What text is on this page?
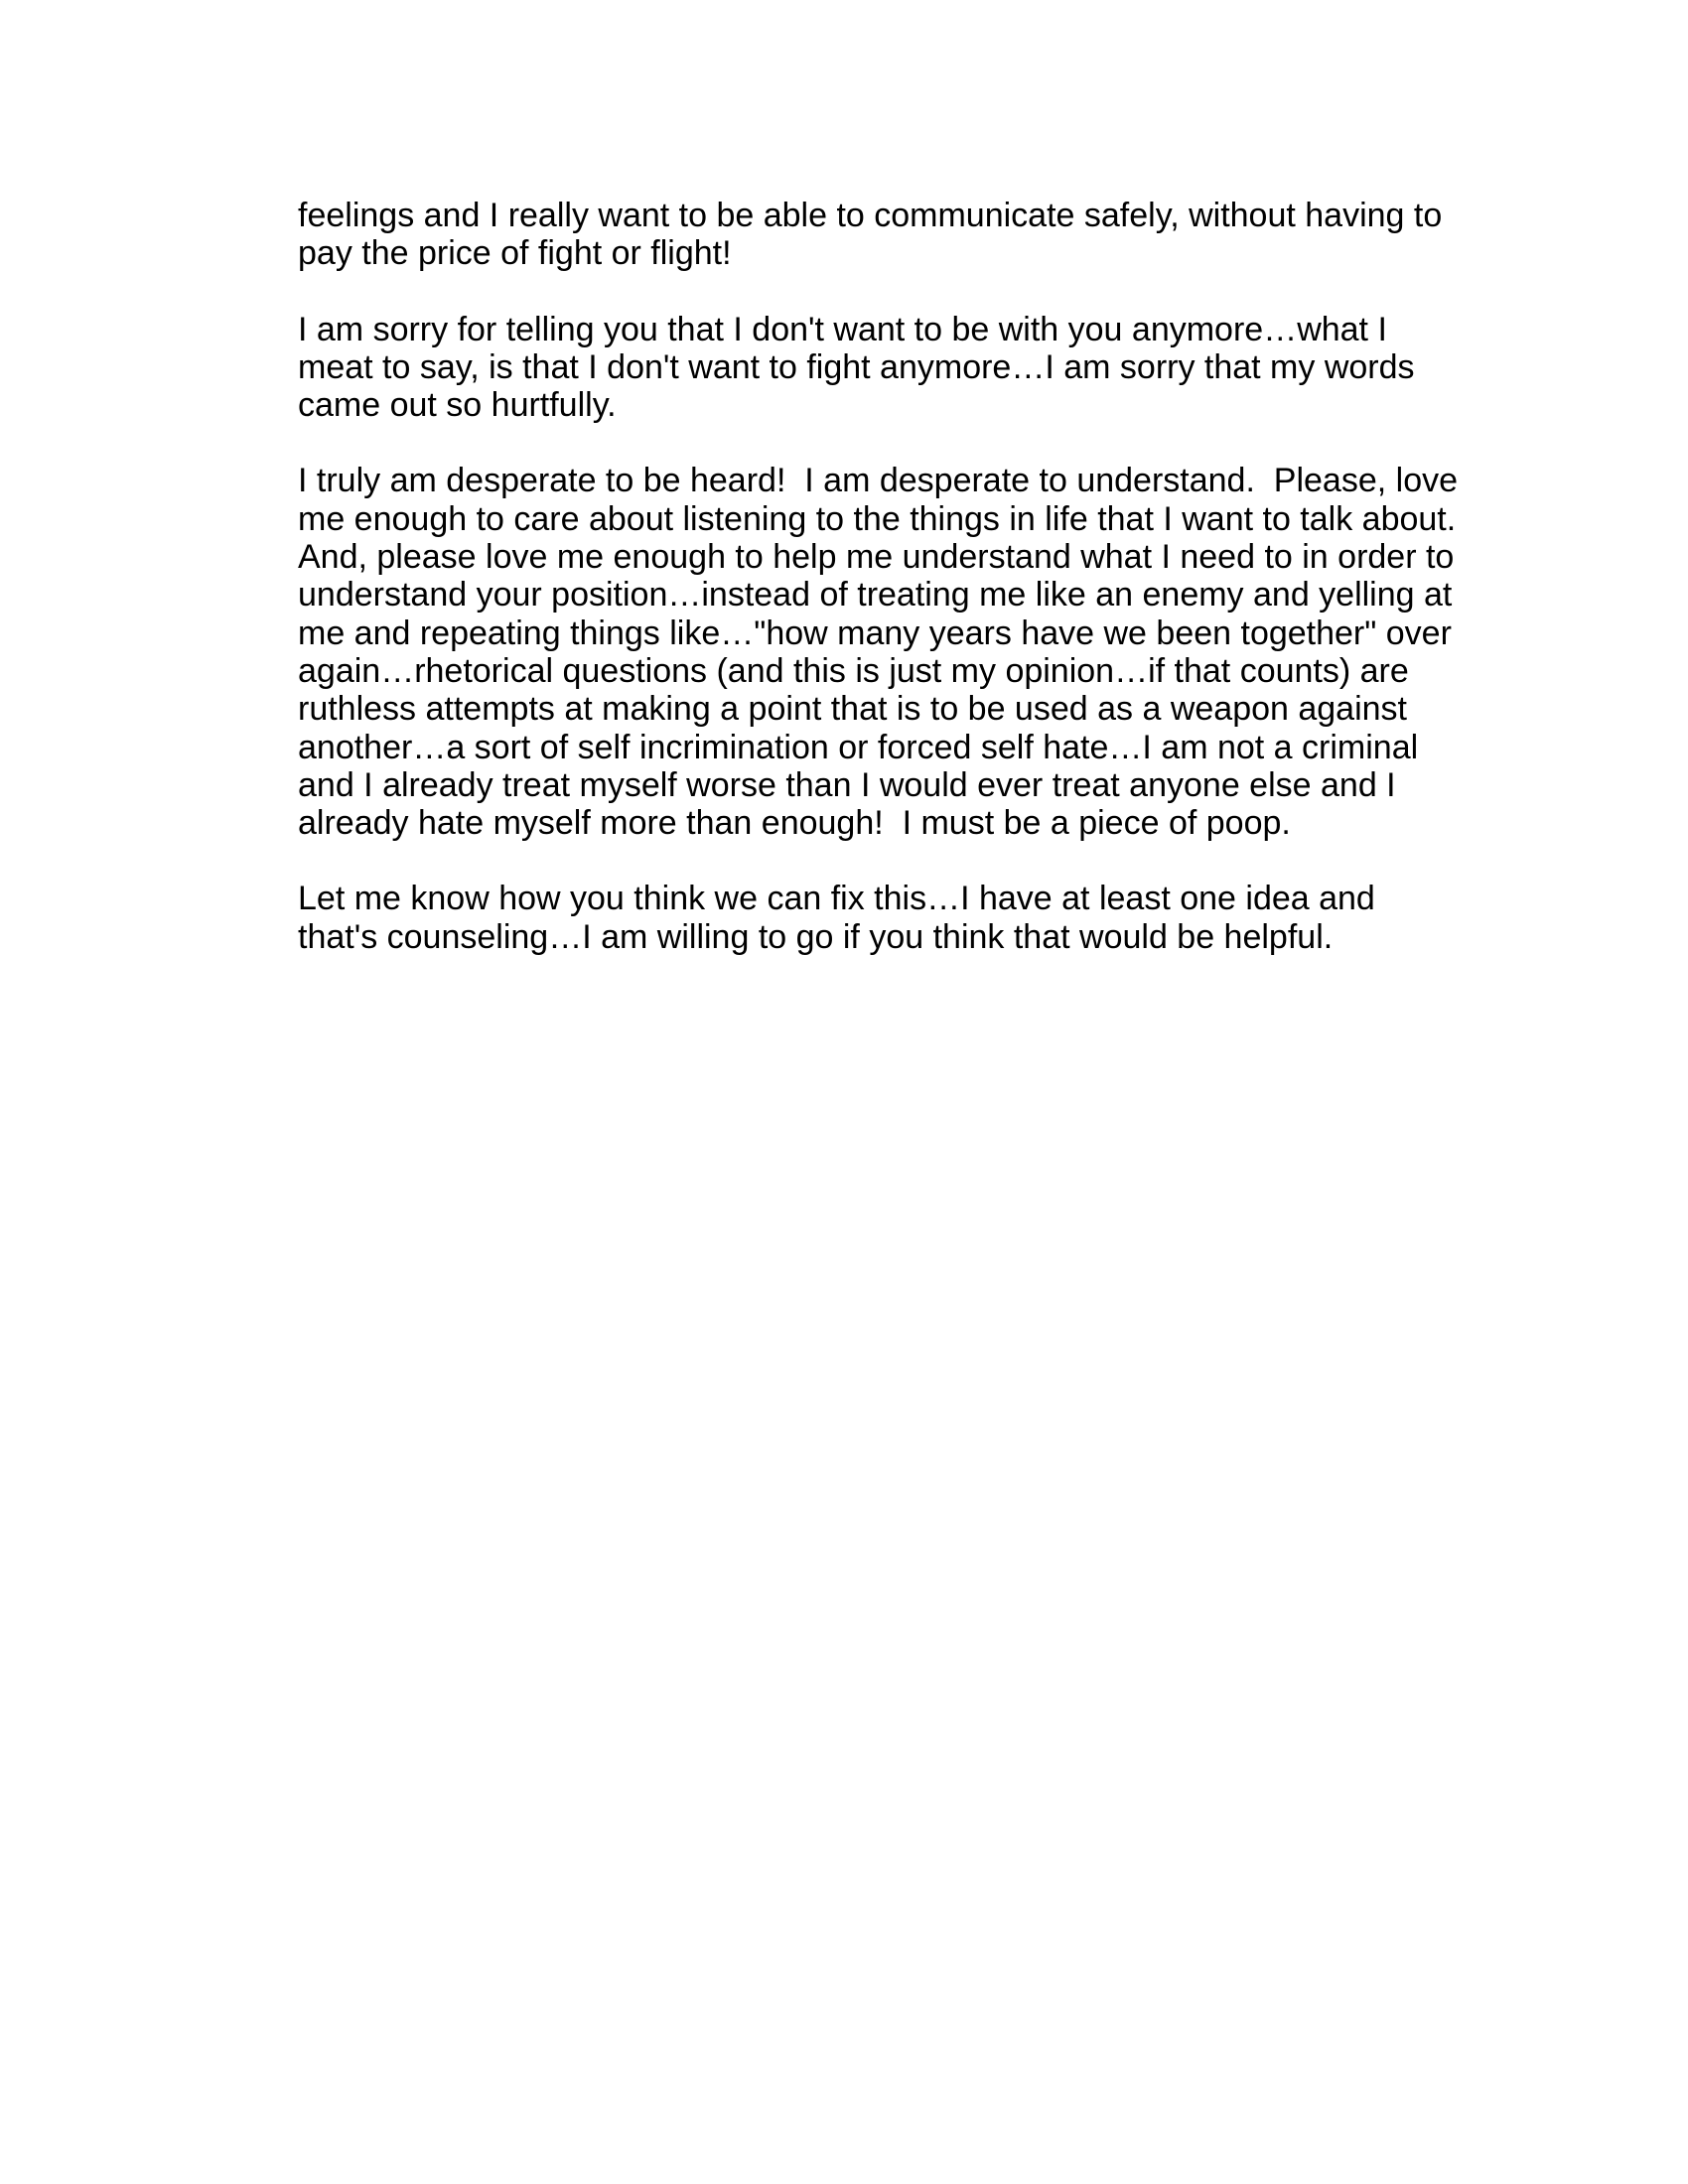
feelings and I really want to be able to communicate safely, without having to
pay the price of fight or flight!
I am sorry for telling you that I don't want to be with you anymore…what I
meat to say, is that I don't want to fight anymore…I am sorry that my words
came out so hurtfully.
I truly am desperate to be heard!  I am desperate to understand.  Please, love
me enough to care about listening to the things in life that I want to talk about.
And, please love me enough to help me understand what I need to in order to
understand your position…instead of treating me like an enemy and yelling at
me and repeating things like…"how many years have we been together" over
again…rhetorical questions (and this is just my opinion…if that counts) are
ruthless attempts at making a point that is to be used as a weapon against
another…a sort of self incrimination or forced self hate…I am not a criminal
and I already treat myself worse than I would ever treat anyone else and I
already hate myself more than enough!  I must be a piece of poop.
Let me know how you think we can fix this…I have at least one idea and
that's counseling…I am willing to go if you think that would be helpful.
